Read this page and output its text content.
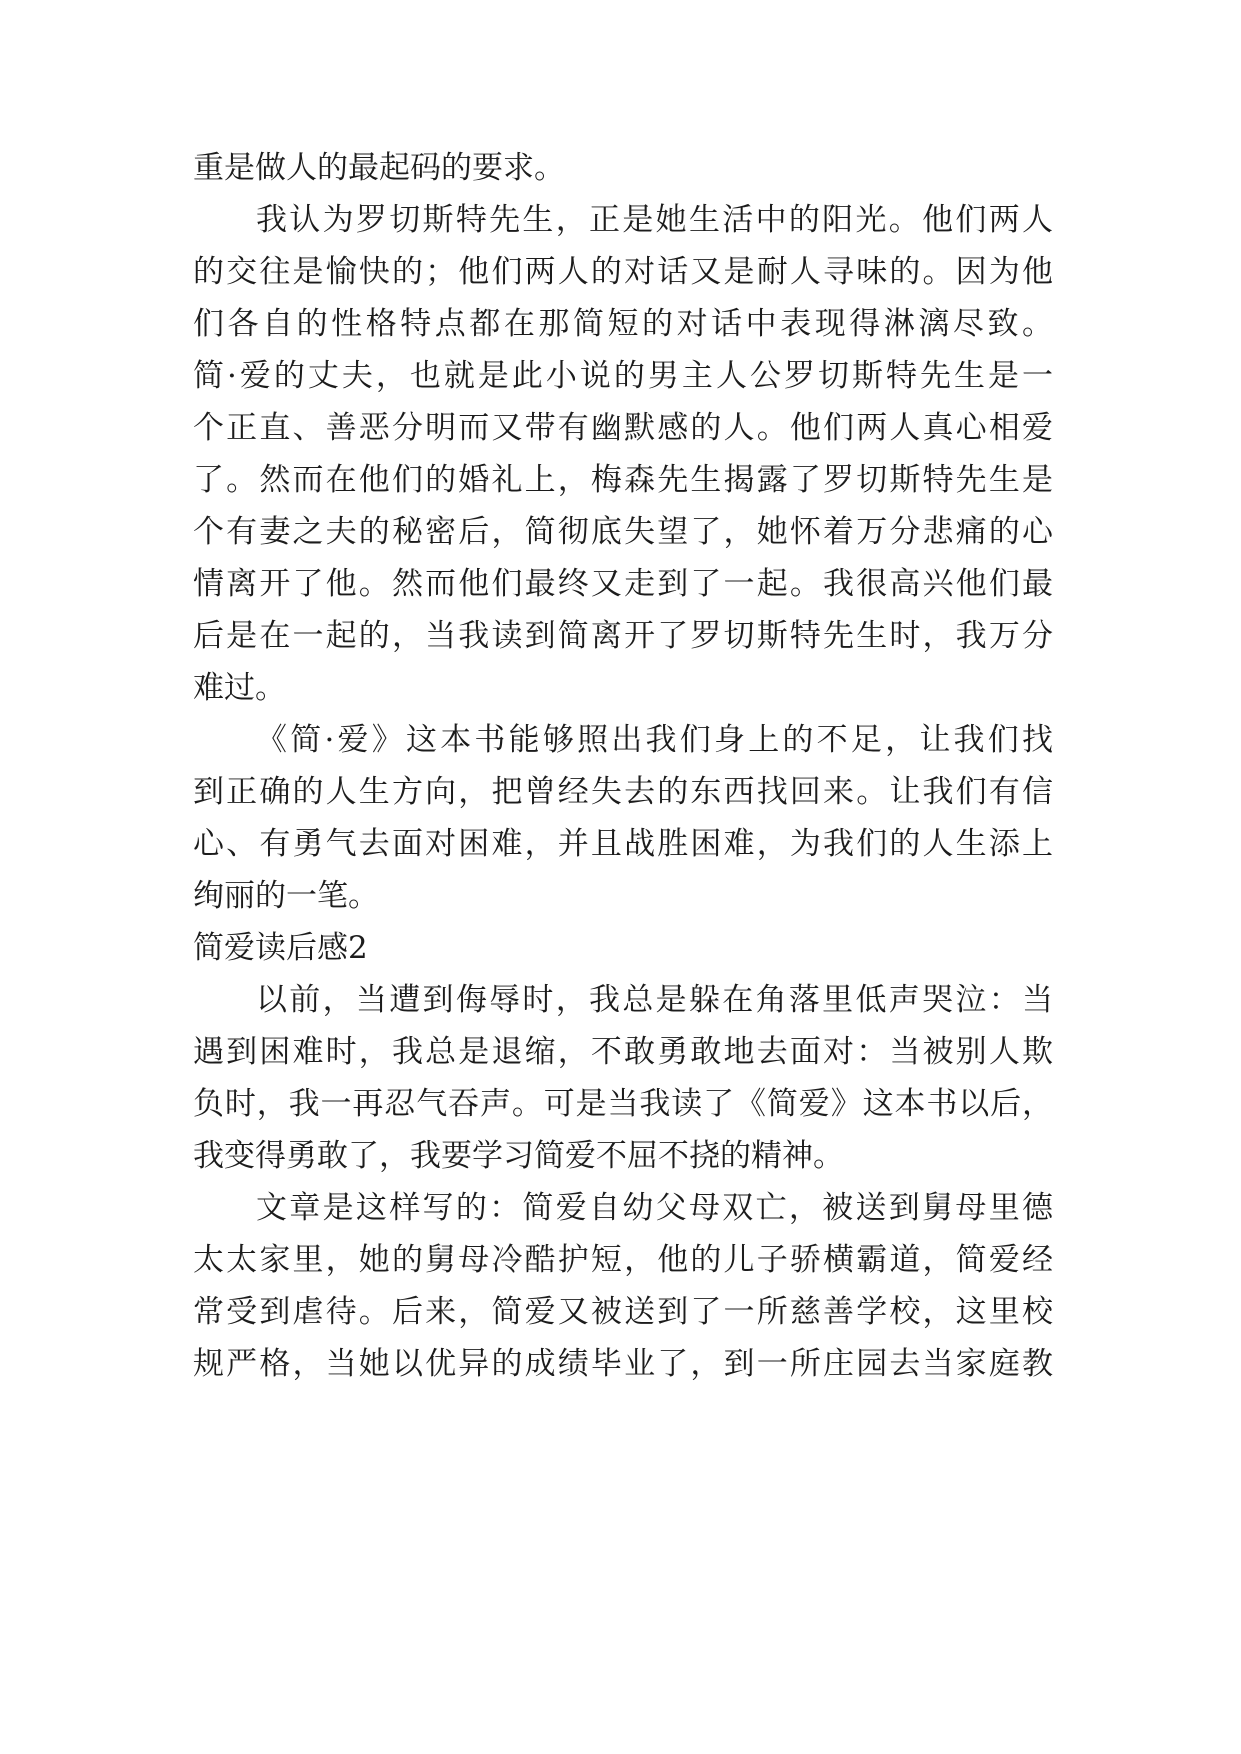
重是做人的最起码的要求。
我认为罗切斯特先生，正是她生活中的阳光。他们两人
的交往是愉快的；他们两人的对话又是耐人寻味的。因为他
们各自的性格特点都在那简短的对话中表现得淋漓尽致。
简·爱的丈夫，也就是此小说的男主人公罗切斯特先生是一
个正直、善恶分明而又带有幽默感的人。他们两人真心相爱
了。然而在他们的婚礼上，梅森先生揭露了罗切斯特先生是
个有妻之夫的秘密后，简彻底失望了，她怀着万分悲痛的心
情离开了他。然而他们最终又走到了一起。我很高兴他们最
后是在一起的，当我读到简离开了罗切斯特先生时，我万分
难过。
《简·爱》这本书能够照出我们身上的不足，让我们找
到正确的人生方向，把曾经失去的东西找回来。让我们有信
心、有勇气去面对困难，并且战胜困难，为我们的人生添上
绚丽的一笔。
简爱读后感2
以前，当遭到侮辱时，我总是躲在角落里低声哭泣：当
遇到困难时，我总是退缩，不敢勇敢地去面对：当被别人欺
负时，我一再忍气吞声。可是当我读了《简爱》这本书以后，
我变得勇敢了，我要学习简爱不屈不挠的精神。
文章是这样写的：简爱自幼父母双亡，被送到舅母里德
太太家里，她的舅母冷酷护短，他的儿子骄横霸道，简爱经
常受到虐待。后来，简爱又被送到了一所慈善学校，这里校
规严格，当她以优异的成绩毕业了，到一所庄园去当家庭教
